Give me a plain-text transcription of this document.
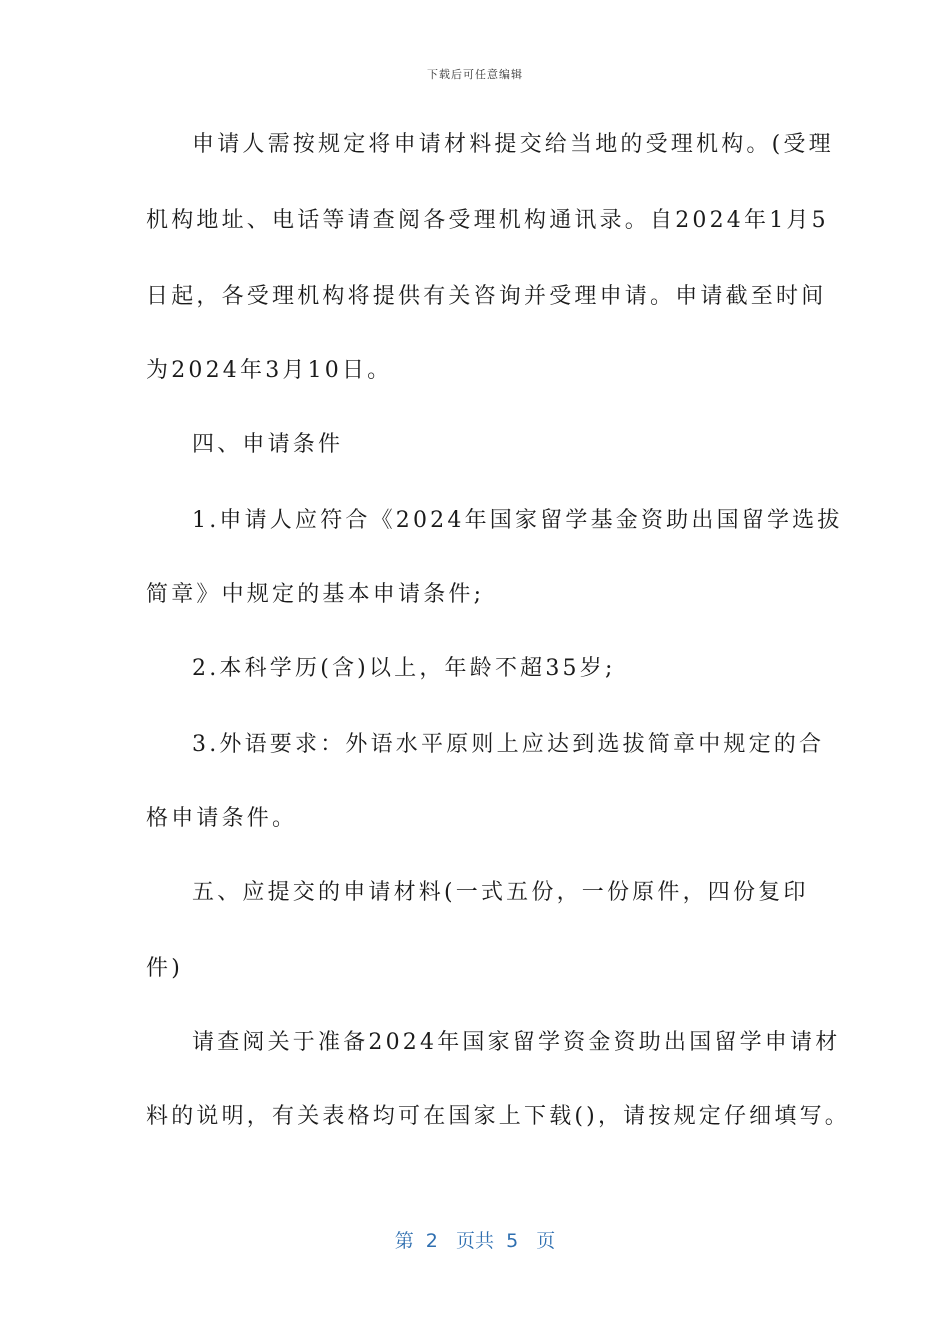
下载后可任意编辑
申请人需按规定将申请材料提交给当地的受理机构。(受理
机构地址、电话等请查阅各受理机构通讯录。自2024年1月5
日起，各受理机构将提供有关咨询并受理申请。申请截至时间
为2024年3月10日。
四、申请条件
1.申请人应符合《2024年国家留学基金资助出国留学选拔
简章》中规定的基本申请条件;
2.本科学历(含)以上，年龄不超35岁;
3.外语要求：外语水平原则上应达到选拔简章中规定的合
格申请条件。
五、应提交的申请材料(一式五份，一份原件，四份复印
件)
请查阅关于准备2024年国家留学资金资助出国留学申请材
料的说明，有关表格均可在国家上下载()，请按规定仔细填写。
第  2   页共  5   页
